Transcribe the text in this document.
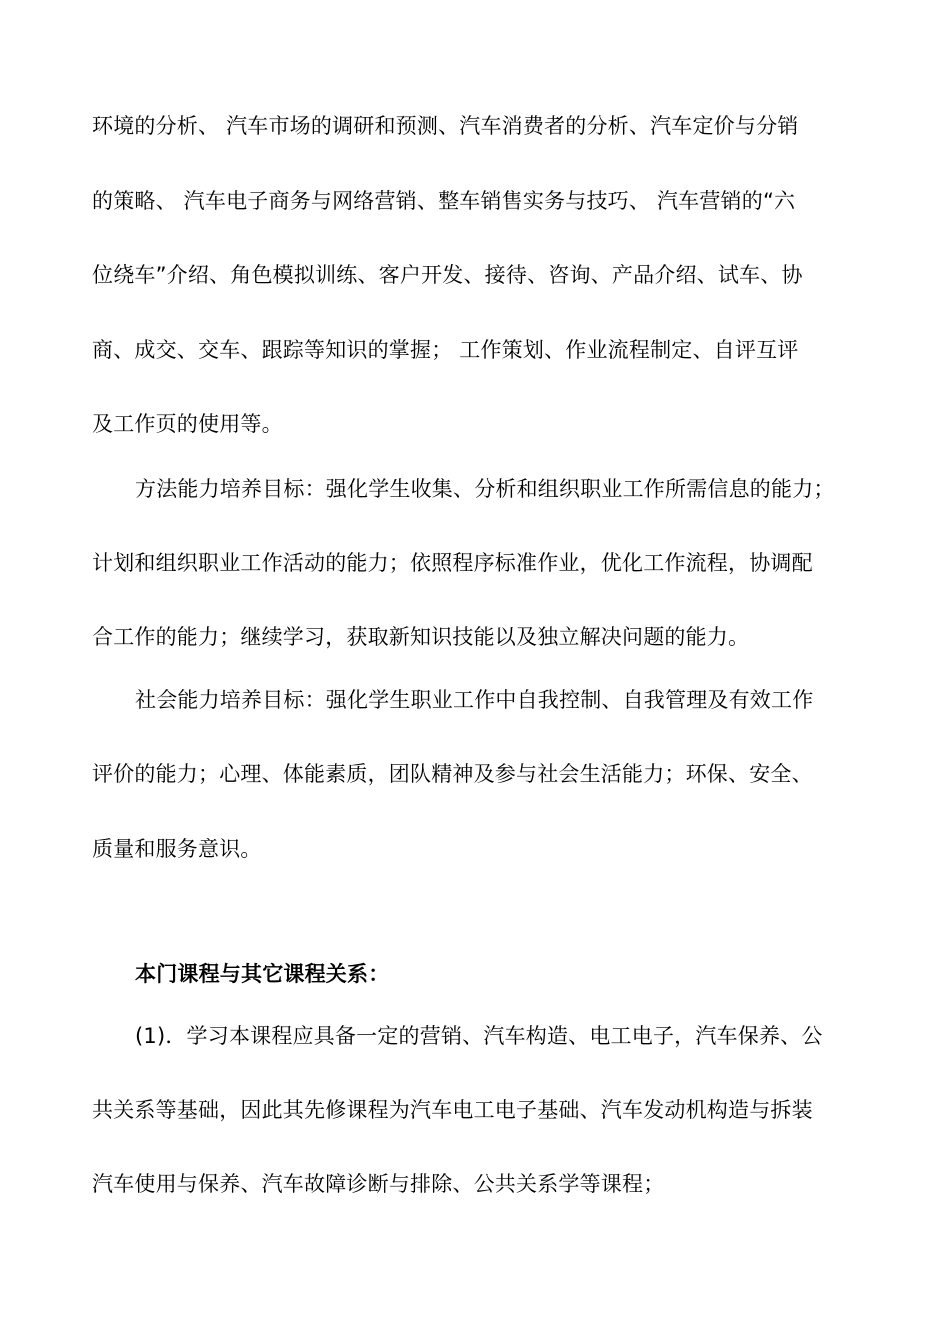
环境的分析、 汽车市场的调研和预测、汽车消费者的分析、汽车定价与分销
的策略、 汽车电子商务与网络营销、整车销售实务与技巧、 汽车营销的“六
位绕车”介绍、角色模拟训练、客户开发、接待、咨询、产品介绍、试车、协
商、成交、交车、跟踪等知识的掌握； 工作策划、作业流程制定、自评互评
及工作页的使用等。
方法能力培养目标：强化学生收集、分析和组织职业工作所需信息的能力；
计划和组织职业工作活动的能力；依照程序标准作业，优化工作流程，协调配
合工作的能力；继续学习，获取新知识技能以及独立解决问题的能力。
社会能力培养目标：强化学生职业工作中自我控制、自我管理及有效工作
评价的能力；心理、体能素质，团队精神及参与社会生活能力；环保、安全、
质量和服务意识。
本门课程与其它课程关系：
(1)．学习本课程应具备一定的营销、汽车构造、电工电子，汽车保养、公
共关系等基础，因此其先修课程为汽车电工电子基础、汽车发动机构造与拆装
汽车使用与保养、汽车故障诊断与排除、公共关系学等课程；
